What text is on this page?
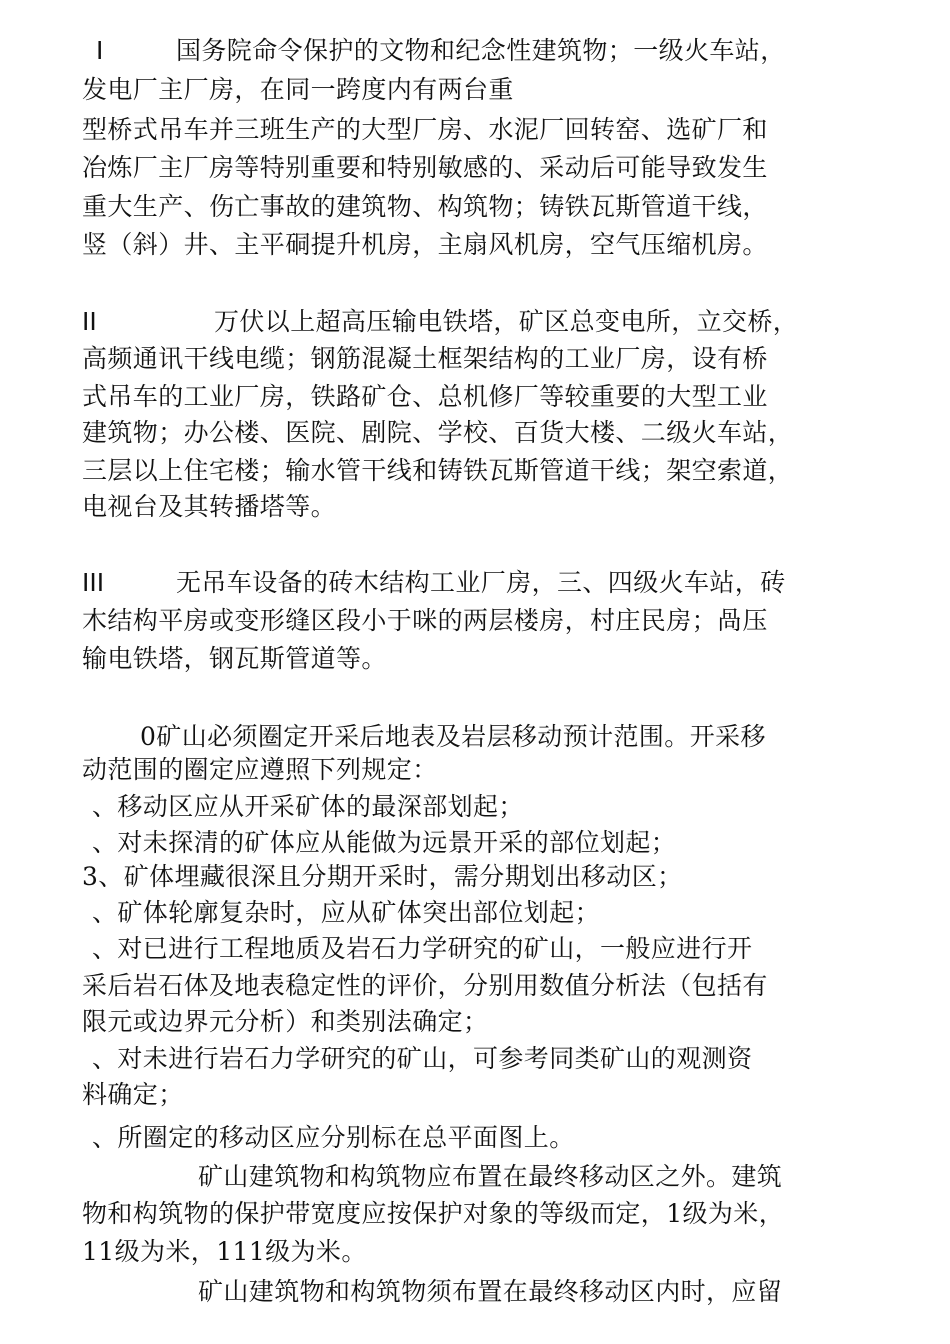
I	国务院命令保护的文物和纪念性建筑物；一级火车站，
发电厂主厂房，在同一跨度内有两台重
型桥式吊车并三班生产的大型厂房、水泥厂回转窑、选矿厂和
冶炼厂主厂房等特别重要和特别敏感的、采动后可能导致发生
重大生产、伤亡事故的建筑物、构筑物；铸铁瓦斯管道干线，
竖（斜）井、主平硐提升机房，主扇风机房，空气压缩机房。
II	万伏以上超高压输电铁塔，矿区总变电所，立交桥，
高频通讯干线电缆；钢筋混凝土框架结构的工业厂房，设有桥
式吊车的工业厂房，铁路矿仓、总机修厂等较重要的大型工业
建筑物；办公楼、医院、剧院、学校、百货大楼、二级火车站，
三层以上住宅楼；输水管干线和铸铁瓦斯管道干线；架空索道，
电视台及其转播塔等。
III	无吊车设备的砖木结构工业厂房，三、四级火车站，砖
木结构平房或变形缝区段小于咪的两层楼房，村庄民房；咼压
输电铁塔，钢瓦斯管道等。
0矿山必须圈定开采后地表及岩层移动预计范围。开采移
动范围的圈定应遵照下列规定：
、移动区应从开采矿体的最深部划起；
、对未探清的矿体应从能做为远景开采的部位划起；
3、矿体埋藏很深且分期开采时，需分期划出移动区；
、矿体轮廓复杂时，应从矿体突出部位划起；
、对已进行工程地质及岩石力学研究的矿山，一般应进行开
采后岩石体及地表稳定性的评价，分别用数值分析法（包括有
限元或边界元分析）和类别法确定；
、对未进行岩石力学研究的矿山，可参考同类矿山的观测资
料确定；
、所圈定的移动区应分别标在总平面图上。
矿山建筑物和构筑物应布置在最终移动区之外。建筑
物和构筑物的保护带宽度应按保护对象的等级而定，1级为米，
11级为米，111级为米。
矿山建筑物和构筑物须布置在最终移动区内时，应留
